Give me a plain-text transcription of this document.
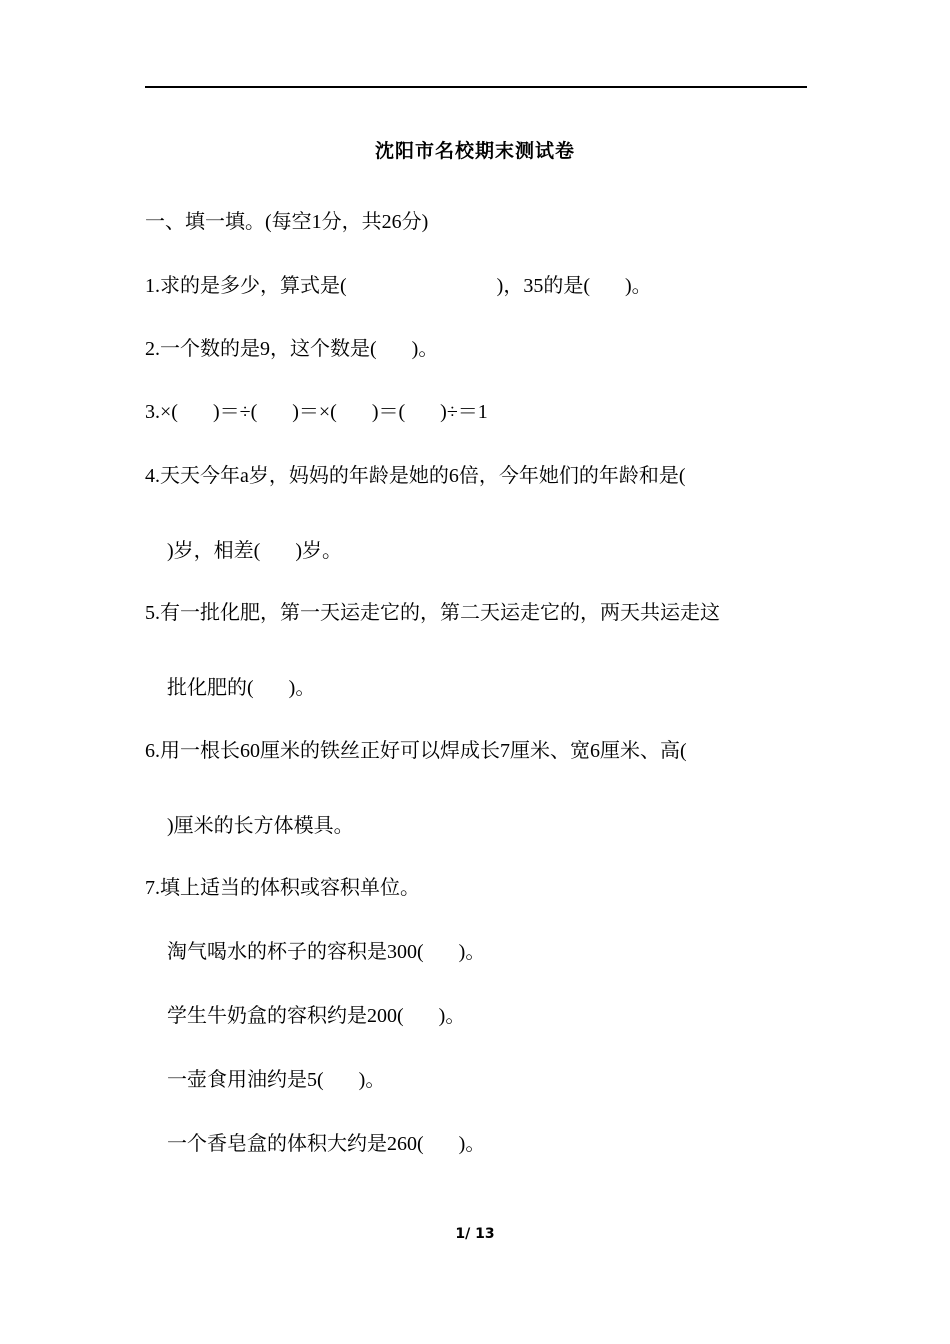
沈阳市名校期末测试卷
一、填一填。(每空1分，共26分)
1.求的是多少，算式是(                              )，35的是(       )。
2.一个数的是9，这个数是(       )。
3.×(       )＝÷(       )＝×(       )＝(       )÷＝1
4.天天今年a岁，妈妈的年龄是她的6倍，今年她们的年龄和是(
)岁，相差(       )岁。
5.有一批化肥，第一天运走它的，第二天运走它的，两天共运走这
批化肥的(       )。
6.用一根长60厘米的铁丝正好可以焊成长7厘米、宽6厘米、高(
)厘米的长方体模具。
7.填上适当的体积或容积单位。
淘气喝水的杯子的容积是300(       )。
学生牛奶盒的容积约是200(       )。
一壶食用油约是5(       )。
一个香皂盒的体积大约是260(       )。
1/ 13
